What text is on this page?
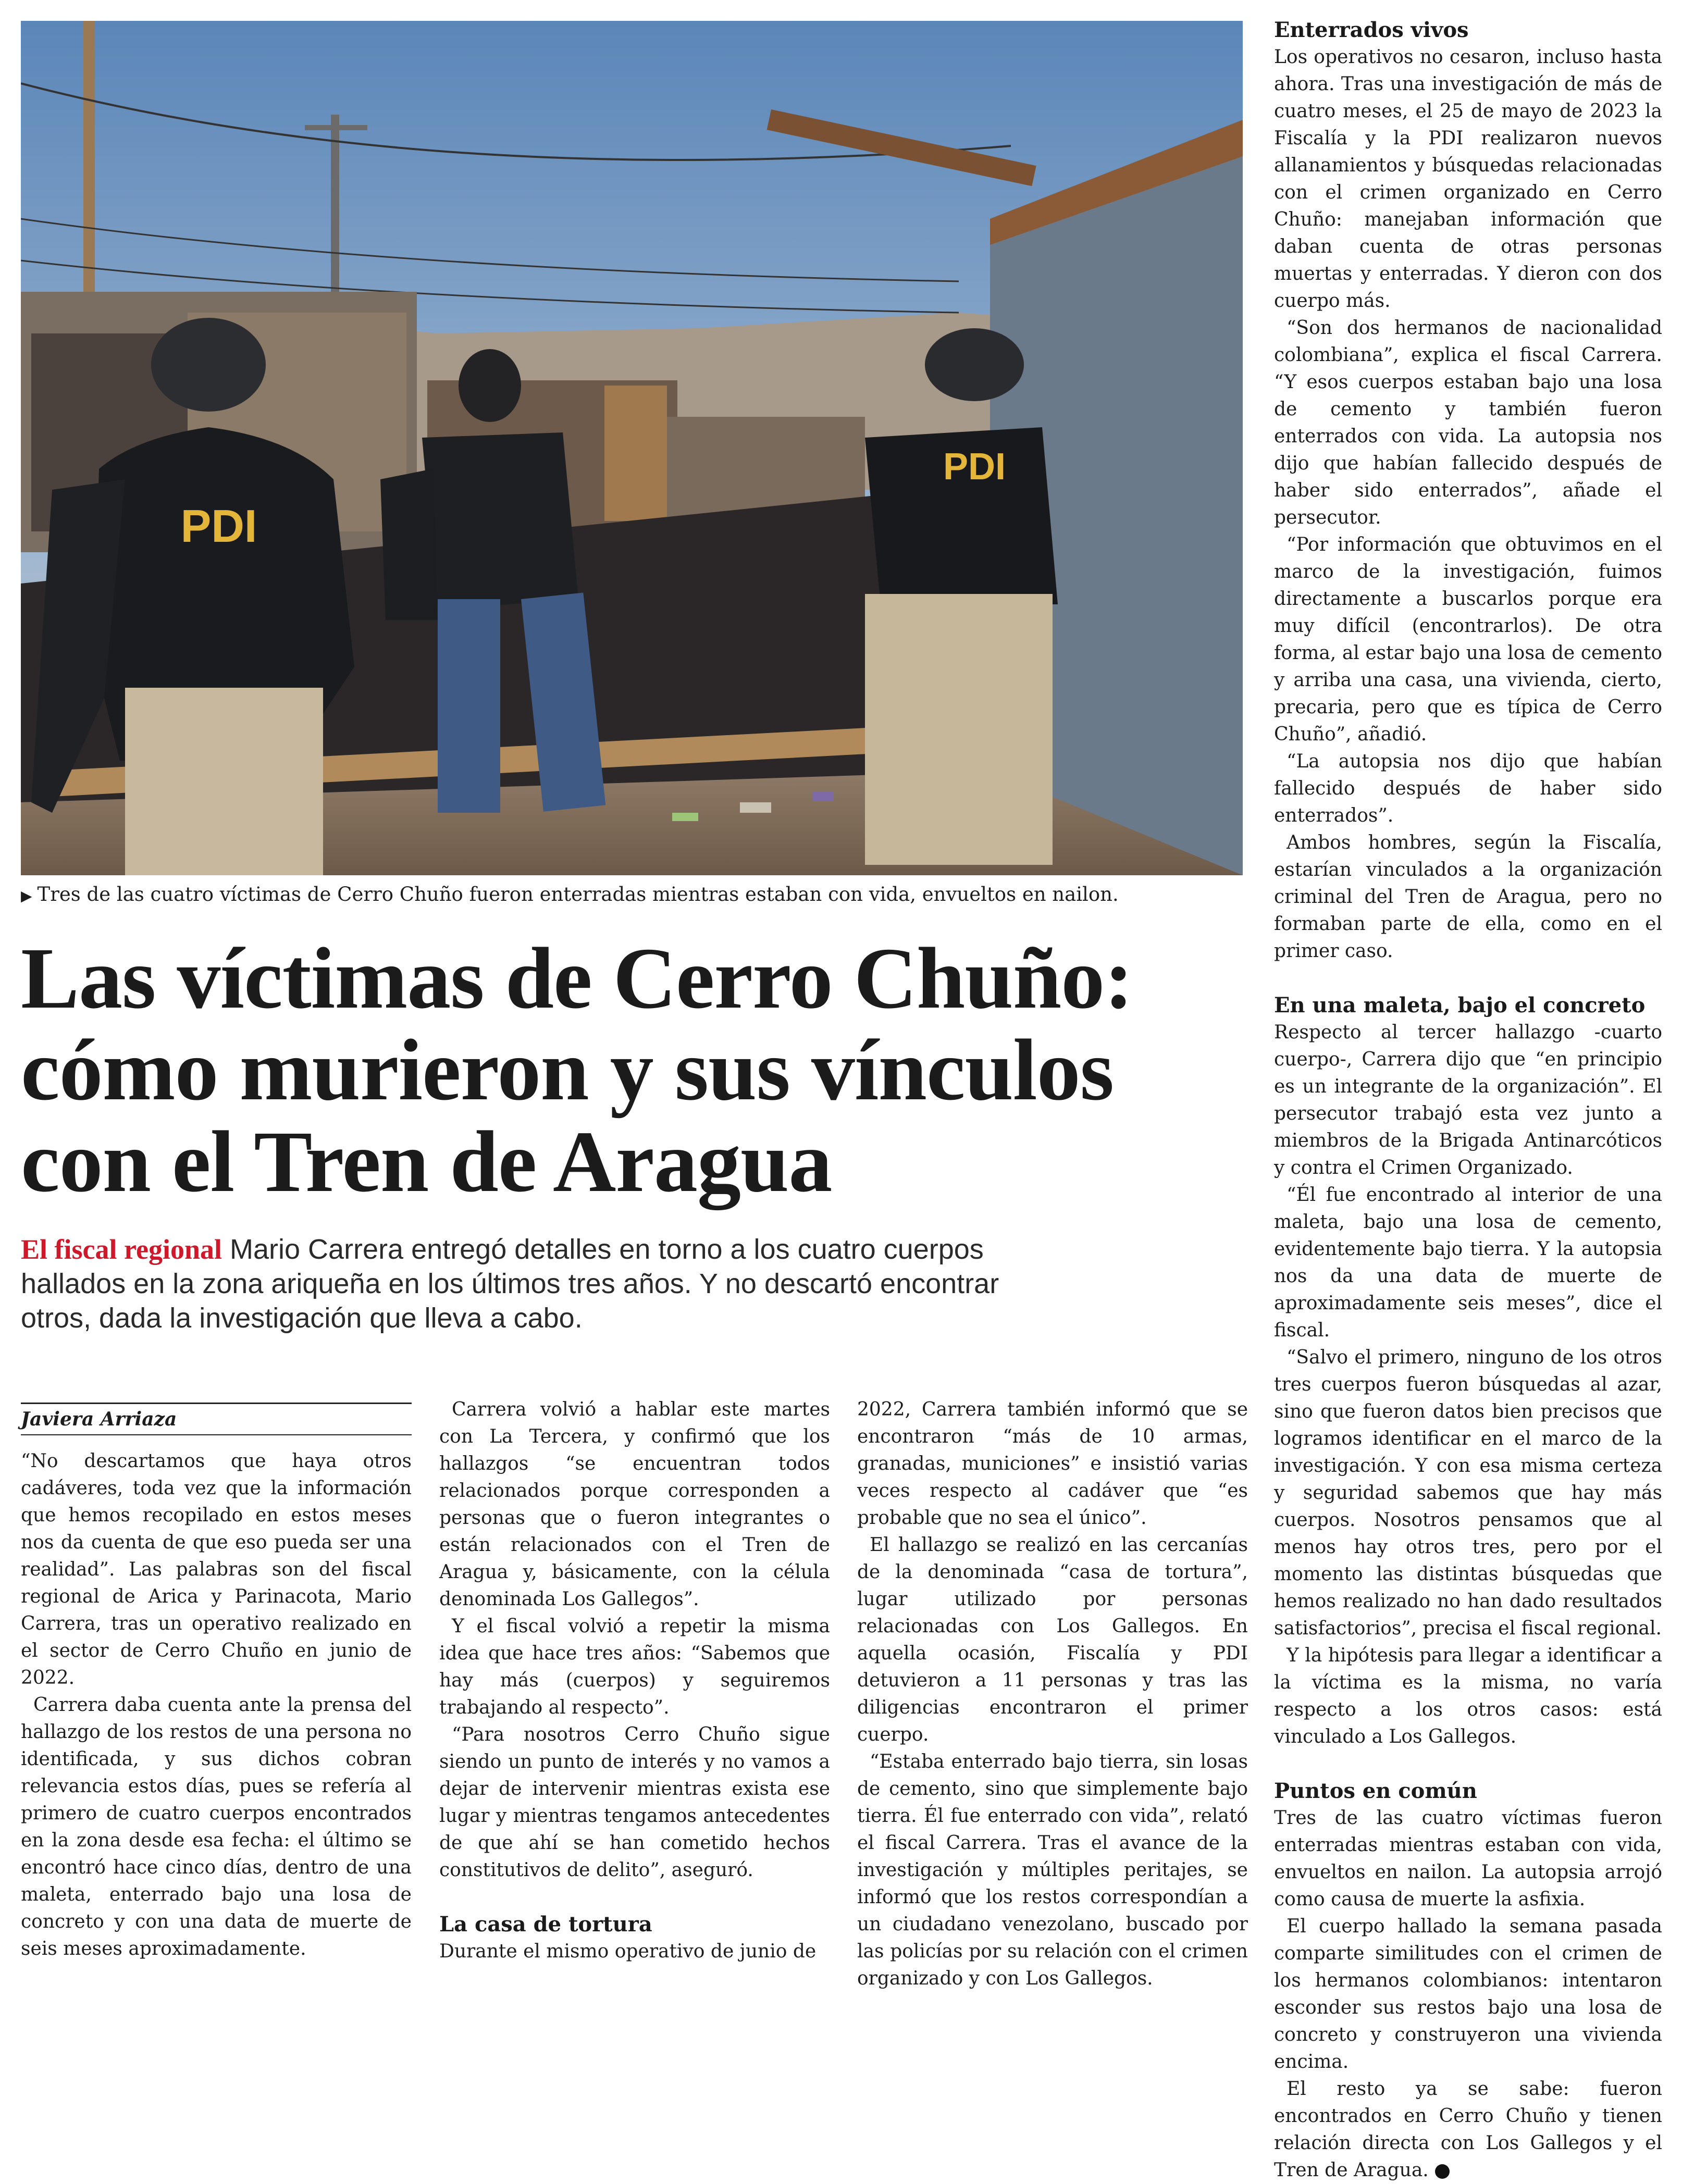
PDI
PDI
▶ Tres de las cuatro víctimas de Cerro Chuño fueron enterradas mientras estaban con vida, envueltos en nailon.
Las víctimas de Cerro Chuño: cómo murieron y sus vínculos con el Tren de Aragua
El fiscal regional Mario Carrera entregó detalles en torno a los cuatro cuerpos hallados en la zona ariqueña en los últimos tres años. Y no descartó encontrar otros, dada la investigación que lleva a cabo.
Javiera Arriaza

“No descartamos que haya otros cadáveres, toda vez que la información que hemos recopilado en estos meses nos da cuenta de que eso pueda ser una realidad”. Las palabras son del fiscal regional de Arica y Parinacota, Mario Carrera, tras un operativo realizado en el sector de Cerro Chuño en junio de 2022.

Carrera daba cuenta ante la prensa del hallazgo de los restos de una persona no identificada, y sus dichos cobran relevancia estos días, pues se refería al primero de cuatro cuerpos encontrados en la zona desde esa fecha: el último se encontró hace cinco días, dentro de una maleta, enterrado bajo una losa de concreto y con una data de muerte de seis meses aproximadamente.

Carrera volvió a hablar este martes con La Tercera, y confirmó que los hallazgos “se encuentran todos relacionados porque corresponden a personas que o fueron integrantes o están relacionados con el Tren de Aragua y, básicamente, con la célula denominada Los Gallegos”.

Y el fiscal volvió a repetir la misma idea que hace tres años: “Sabemos que hay más (cuerpos) y seguiremos trabajando al respecto”.

“Para nosotros Cerro Chuño sigue siendo un punto de interés y no vamos a dejar de intervenir mientras exista ese lugar y mientras tengamos antecedentes de que ahí se han cometido hechos constitutivos de delito”, aseguró.

La casa de tortura

Durante el mismo operativo de junio de

2022, Carrera también informó que se encontraron “más de 10 armas, granadas, municiones” e insistió varias veces respecto al cadáver que “es probable que no sea el único”.

El hallazgo se realizó en las cercanías de la denominada “casa de tortura”, lugar utilizado por personas relacionadas con Los Gallegos. En aquella ocasión, Fiscalía y PDI detuvieron a 11 personas y tras las diligencias encontraron el primer cuerpo.

“Estaba enterrado bajo tierra, sin losas de cemento, sino que simplemente bajo tierra. Él fue enterrado con vida”, relató el fiscal Carrera. Tras el avance de la investigación y múltiples peritajes, se informó que los restos correspondían a un ciudadano venezolano, buscado por las policías por su relación con el crimen organizado y con Los Gallegos.

Enterrados vivos

Los operativos no cesaron, incluso hasta ahora. Tras una investigación de más de cuatro meses, el 25 de mayo de 2023 la Fiscalía y la PDI realizaron nuevos allanamientos y búsquedas relacionadas con el crimen organizado en Cerro Chuño: manejaban información que daban cuenta de otras personas muertas y enterradas. Y dieron con dos cuerpo más.

“Son dos hermanos de nacionalidad colombiana”, explica el fiscal Carrera. “Y esos cuerpos estaban bajo una losa de cemento y también fueron enterrados con vida. La autopsia nos dijo que habían fallecido después de haber sido enterrados”, añade el persecutor.

“Por información que obtuvimos en el marco de la investigación, fuimos directamente a buscarlos porque era muy difícil (encontrarlos). De otra forma, al estar bajo una losa de cemento y arriba una casa, una vivienda, cierto, precaria, pero que es típica de Cerro Chuño”, añadió.

“La autopsia nos dijo que habían fallecido después de haber sido enterrados”.

Ambos hombres, según la Fiscalía, estarían vinculados a la organización criminal del Tren de Aragua, pero no formaban parte de ella, como en el primer caso.

En una maleta, bajo el concreto

Respecto al tercer hallazgo -cuarto cuerpo-, Carrera dijo que “en principio es un integrante de la organización”. El persecutor trabajó esta vez junto a miembros de la Brigada Antinarcóticos y contra el Crimen Organizado.

“Él fue encontrado al interior de una maleta, bajo una losa de cemento, evidentemente bajo tierra. Y la autopsia nos da una data de muerte de aproximadamente seis meses”, dice el fiscal.

“Salvo el primero, ninguno de los otros tres cuerpos fueron búsquedas al azar, sino que fueron datos bien precisos que logramos identificar en el marco de la investigación. Y con esa misma certeza y seguridad sabemos que hay más cuerpos. Nosotros pensamos que al menos hay otros tres, pero por el momento las distintas búsquedas que hemos realizado no han dado resultados satisfactorios”, precisa el fiscal regional.

Y la hipótesis para llegar a identificar a la víctima es la misma, no varía respecto a los otros casos: está vinculado a Los Gallegos.

Puntos en común

Tres de las cuatro víctimas fueron enterradas mientras estaban con vida, envueltos en nailon. La autopsia arrojó como causa de muerte la asfixia.

El cuerpo hallado la semana pasada comparte similitudes con el crimen de los hermanos colombianos: intentaron esconder sus restos bajo una losa de concreto y construyeron una vivienda encima.

El resto ya se sabe: fueron encontrados en Cerro Chuño y tienen relación directa con Los Gallegos y el Tren de Aragua.
